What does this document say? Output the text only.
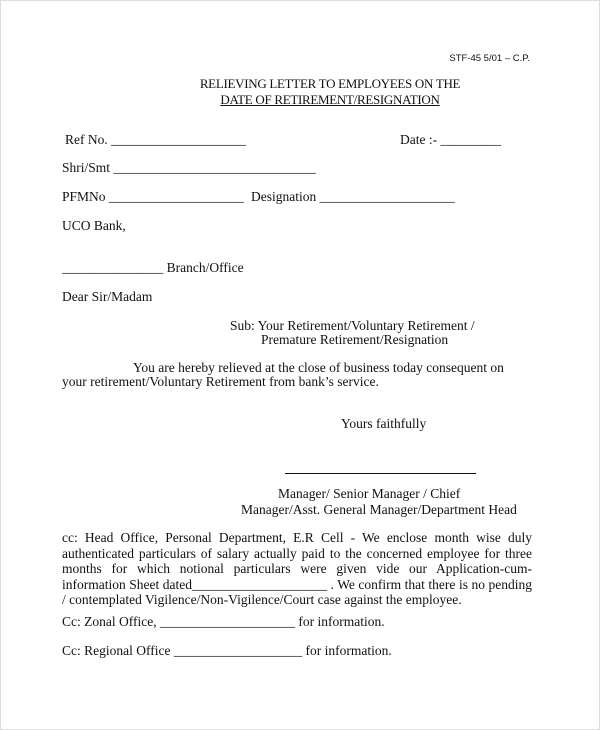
STF-45 5/01 – C.P.
RELIEVING LETTER TO EMPLOYEES ON THE
DATE OF RETIREMENT/RESIGNATION
Ref No. ____________________	Date :- _________
Shri/Smt ______________________________
PFMNo ____________________ Designation ____________________
UCO Bank,
_______________ Branch/Office
Dear Sir/Madam
Sub: Your Retirement/Voluntary Retirement /
Premature Retirement/Resignation
You are hereby relieved at the close of business today consequent on
your retirement/Voluntary Retirement from bank’s service.
Yours faithfully
Manager/ Senior Manager / Chief
Manager/Asst. General Manager/Department Head
cc: Head Office, Personal Department, E.R Cell - We enclose month wise duly authenticated particulars of salary actually paid to the concerned employee for three months for which notional particulars were given vide our Application-cum-information Sheet dated____________________ . We confirm that there is no pending / contemplated Vigilence/Non-Vigilence/Court case against the employee.
Cc: Zonal Office, ____________________ for information.
Cc: Regional Office ___________________ for information.
